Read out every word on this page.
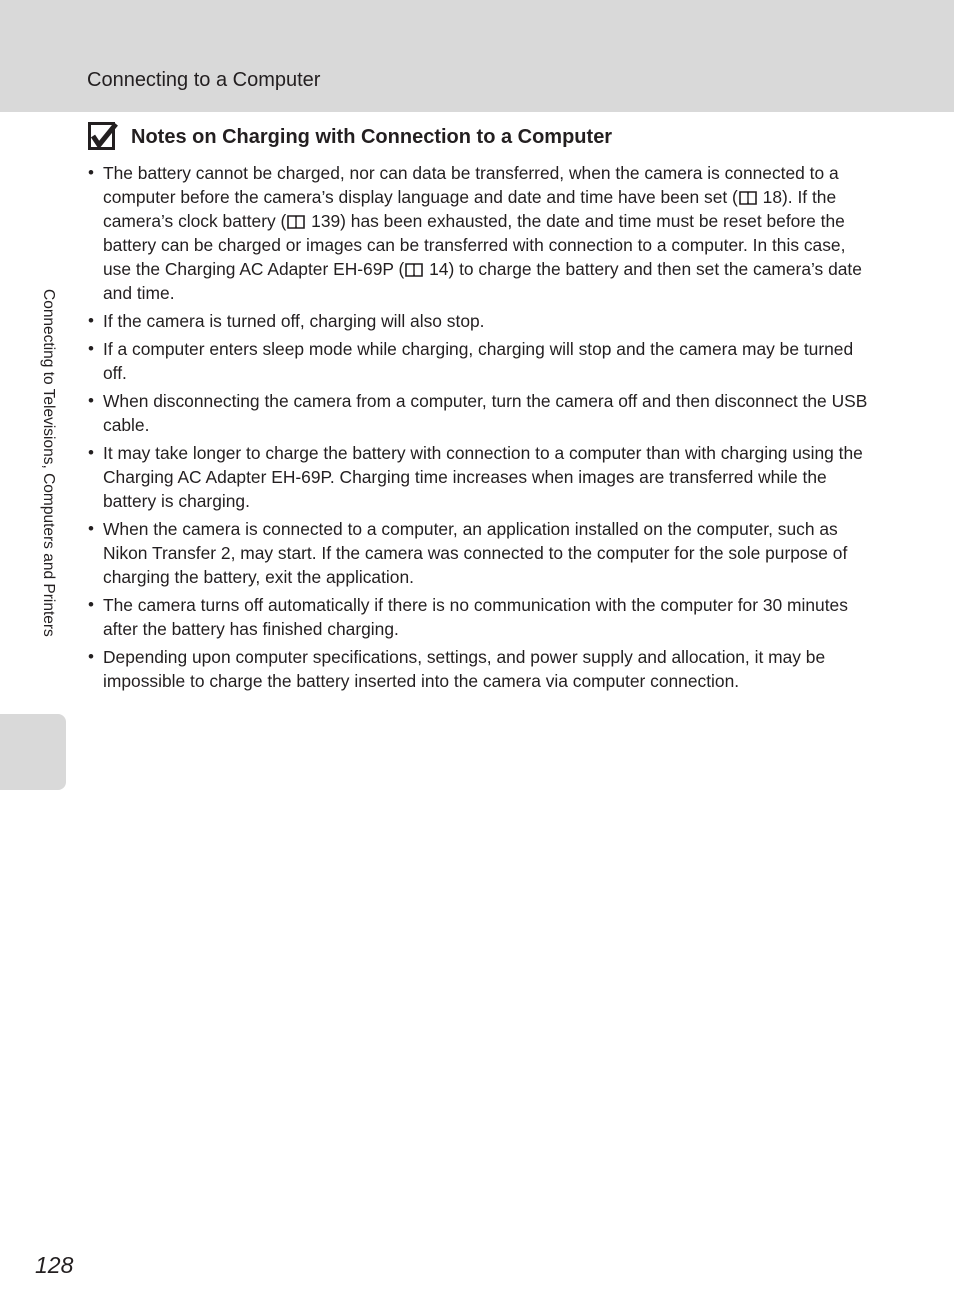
Connecting to a Computer
Connecting to Televisions, Computers and Printers
Notes on Charging with Connection to a Computer
• The battery cannot be charged, nor can data be transferred, when the camera is connected to a computer before the camera’s display language and date and time have been set ( 18). If the camera’s clock battery ( 139) has been exhausted, the date and time must be reset before the battery can be charged or images can be transferred with connection to a computer. In this case, use the Charging AC Adapter EH-69P ( 14) to charge the battery and then set the camera’s date and time.
• If the camera is turned off, charging will also stop.
• If a computer enters sleep mode while charging, charging will stop and the camera may be turned off.
• When disconnecting the camera from a computer, turn the camera off and then disconnect the USB cable.
• It may take longer to charge the battery with connection to a computer than with charging using the Charging AC Adapter EH-69P. Charging time increases when images are transferred while the battery is charging.
• When the camera is connected to a computer, an application installed on the computer, such as Nikon Transfer 2, may start. If the camera was connected to the computer for the sole purpose of charging the battery, exit the application.
• The camera turns off automatically if there is no communication with the computer for 30 minutes after the battery has finished charging.
• Depending upon computer specifications, settings, and power supply and allocation, it may be impossible to charge the battery inserted into the camera via computer connection.
128
